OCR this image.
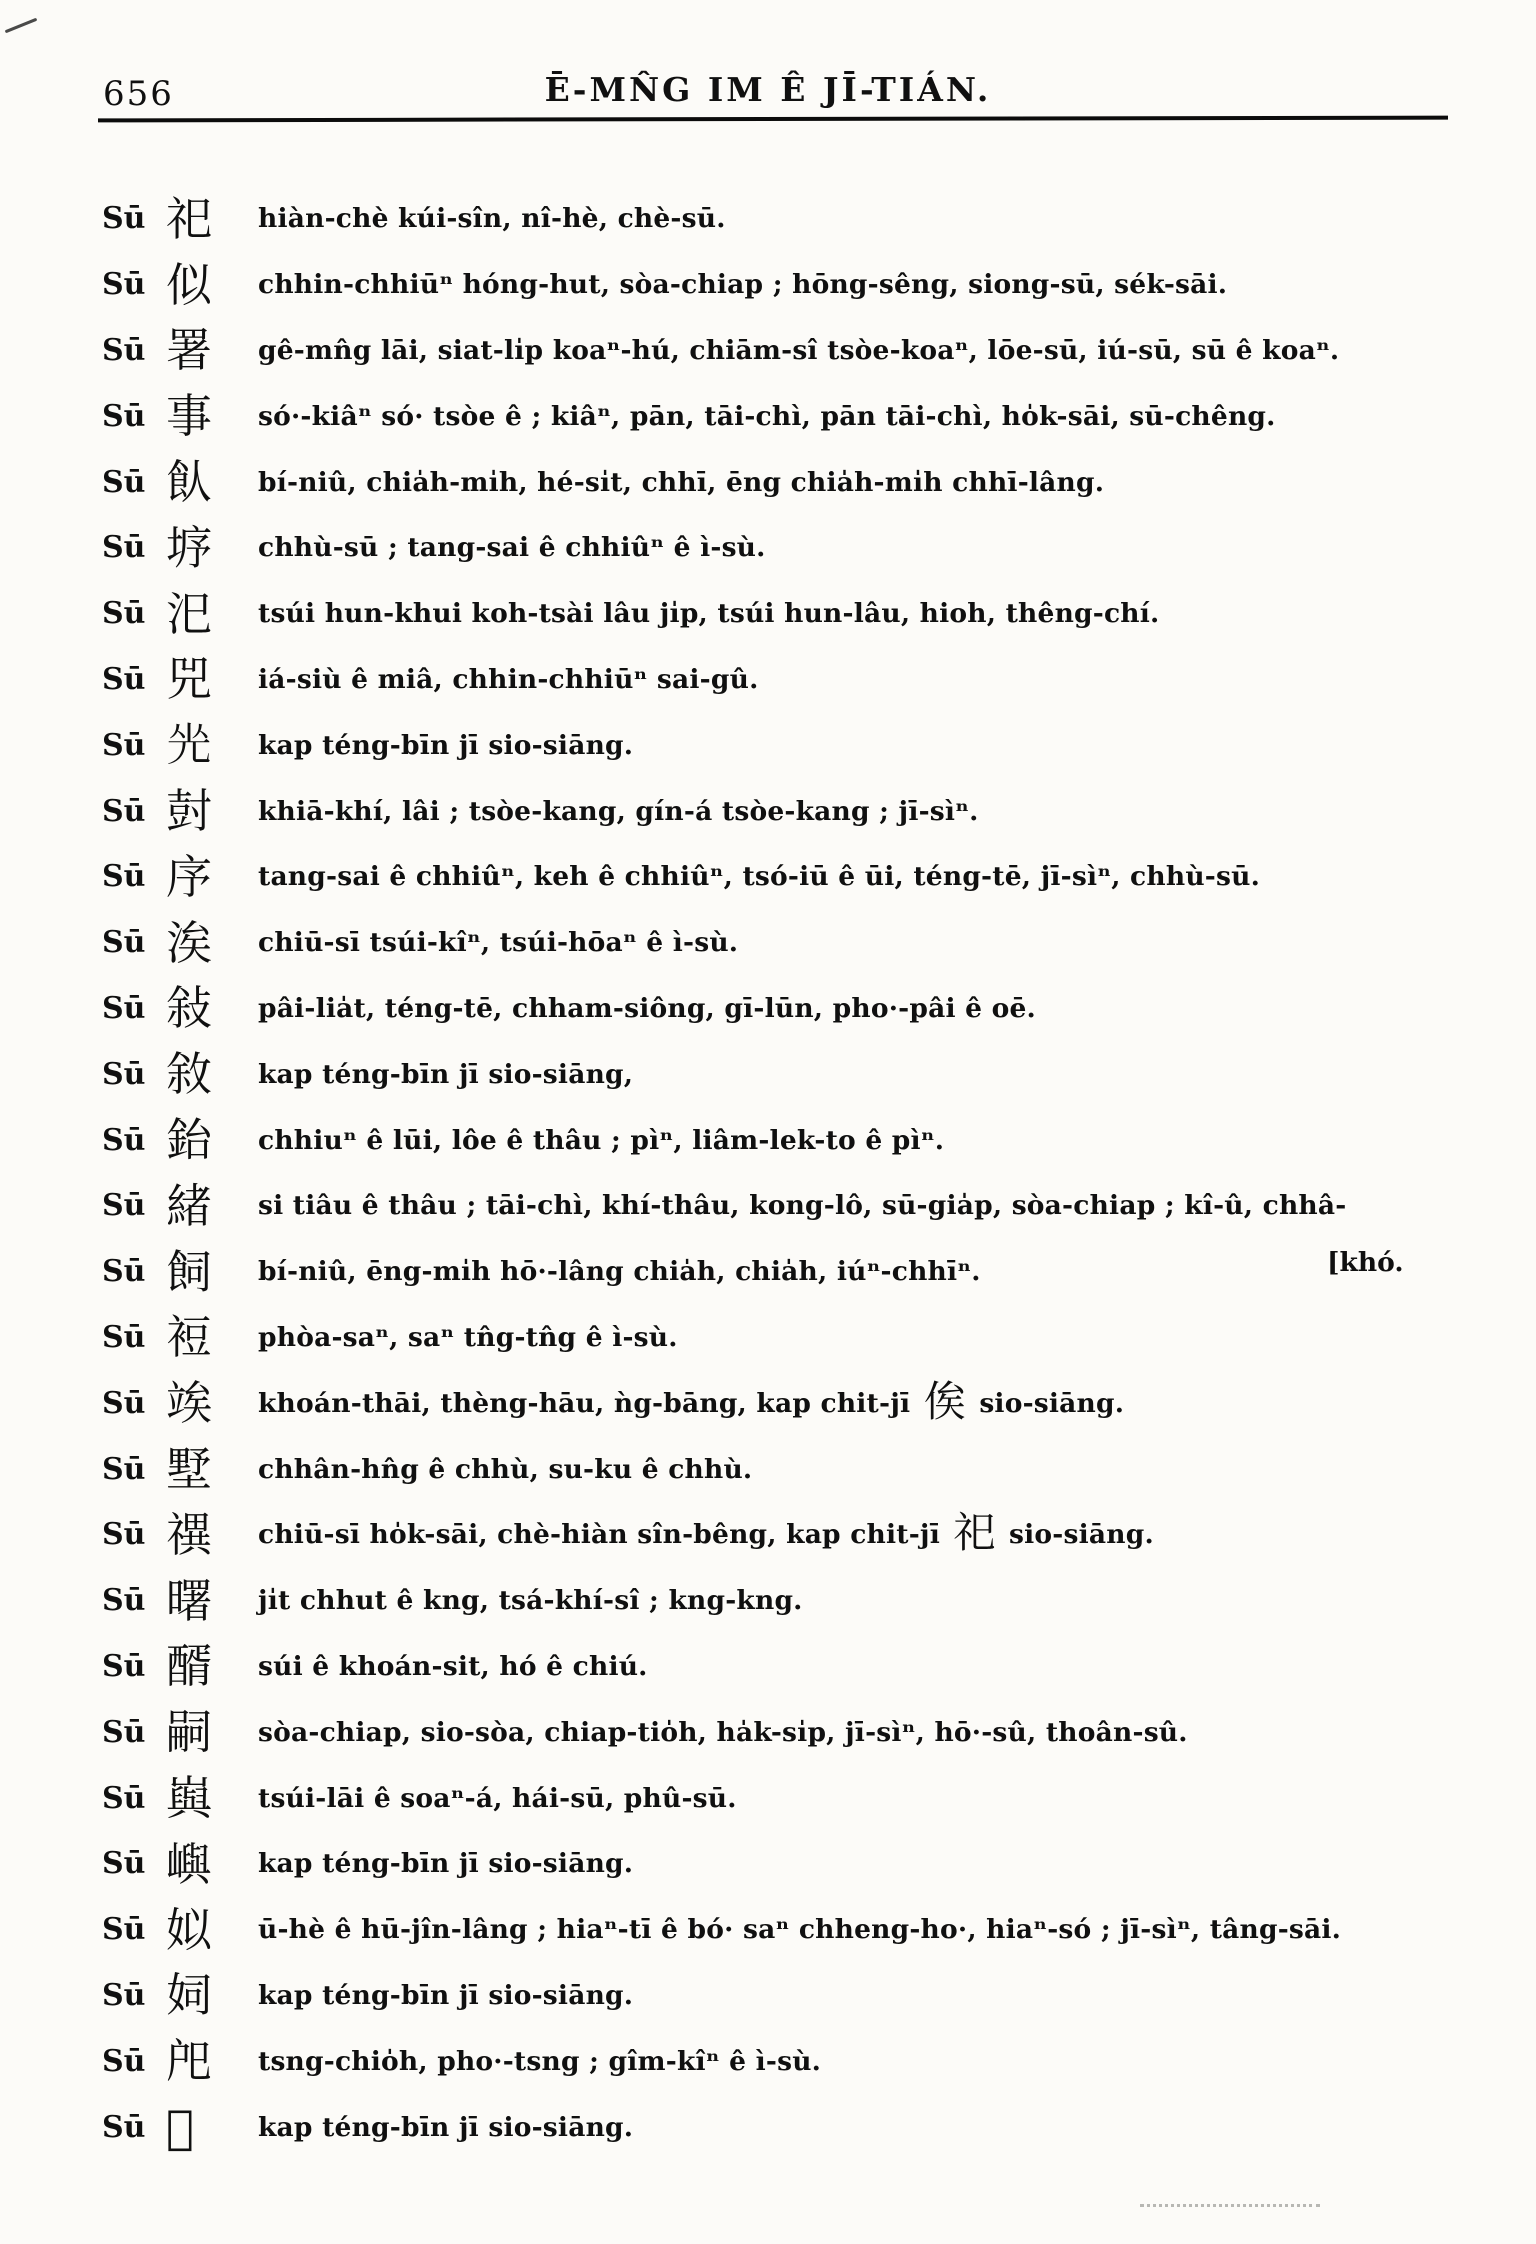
656	Ē-MN̂G IM Ê JĪ-TIÁN.
Sū 祀	hiàn-chè kúi-sîn, nî-hè, chè-sū.
Sū 似	chhin-chhiūⁿ hóng-hut, sòa-chiap ; hōng-sêng, siong-sū, sék-sāi.
Sū 署	gê-mn̂g lāi, siat-li̍p koaⁿ-hú, chiām-sî tsòe-koaⁿ, lōe-sū, iú-sū, sū ê koaⁿ.
Sū 事	só·-kiâⁿ só· tsòe ê ; kiâⁿ, pān, tāi-chì, pān tāi-chì, ho̍k-sāi, sū-chêng.
Sū 飤	bí-niû, chia̍h-mi̍h, hé-si̍t, chhī, ēng chia̍h-mi̍h chhī-lâng.
Sū 垿	chhù-sū ; tang-sai ê chhiûⁿ ê ì-sù.
Sū 汜	tsúi hun-khui koh-tsài lâu ji̍p, tsúi hun-lâu, hioh, thêng-chí.
Sū 兕	iá-siù ê miâ, chhin-chhiūⁿ sai-gû.
Sū 𠒃	kap téng-bīn jī sio-siāng.
Sū 尌	khiā-khí, lâi ; tsòe-kang, gín-á tsòe-kang ; jī-sìⁿ.
Sū 序	tang-sai ê chhiûⁿ, keh ê chhiûⁿ, tsó-iū ê ūi, téng-tē, jī-sìⁿ, chhù-sū.
Sū 涘	chiū-sī tsúi-kîⁿ, tsúi-hōaⁿ ê ì-sù.
Sū 敍	pâi-lia̍t, téng-tē, chham-siông, gī-lūn, pho·-pâi ê oē.
Sū 敘	kap téng-bīn jī sio-siāng,
Sū 鈶	chhiuⁿ ê lūi, lôe ê thâu ; pìⁿ, liâm-lek-to ê pìⁿ.
Sū 緒	si tiâu ê thâu ; tāi-chì, khí-thâu, kong-lô, sū-gia̍p, sòa-chiap ; kî-û, chhâ-
Sū 飼	bí-niû, ēng-mi̍h hō·-lâng chia̍h, chia̍h, iúⁿ-chhīⁿ.
Sū 裋	phòa-saⁿ, saⁿ tn̂g-tn̂g ê ì-sù.
Sū 竢	khoán-thāi, thèng-hāu, ǹg-bāng, kap chit-jī 俟 sio-siāng.
Sū 墅	chhân-hn̂g ê chhù, su-ku ê chhù.
Sū 禩	chiū-sī ho̍k-sāi, chè-hiàn sîn-bêng, kap chit-jī 祀 sio-siāng.
Sū 曙	ji̍t chhut ê kng, tsá-khí-sî ; kng-kng.
Sū 醑	súi ê khoán-sit, hó ê chiú.
Sū 嗣	sòa-chiap, sio-sòa, chiap-tio̍h, ha̍k-si̍p, jī-sìⁿ, hō·-sû, thoân-sû.
Sū 㠘	tsúi-lāi ê soaⁿ-á, hái-sū, phû-sū.
Sū 嶼	kap téng-bīn jī sio-siāng.
Sū 姒	ū-hè ê hū-jîn-lâng ; hiaⁿ-tī ê bó· saⁿ chheng-ho·, hiaⁿ-só ; jī-sìⁿ, tâng-sāi.
Sū 㚸	kap téng-bīn jī sio-siāng.
Sū 戺	tsng-chio̍h, pho·-tsng ; gîm-kîⁿ ê ì-sù.
Sū 𢨫	kap téng-bīn jī sio-siāng.
[khó.
